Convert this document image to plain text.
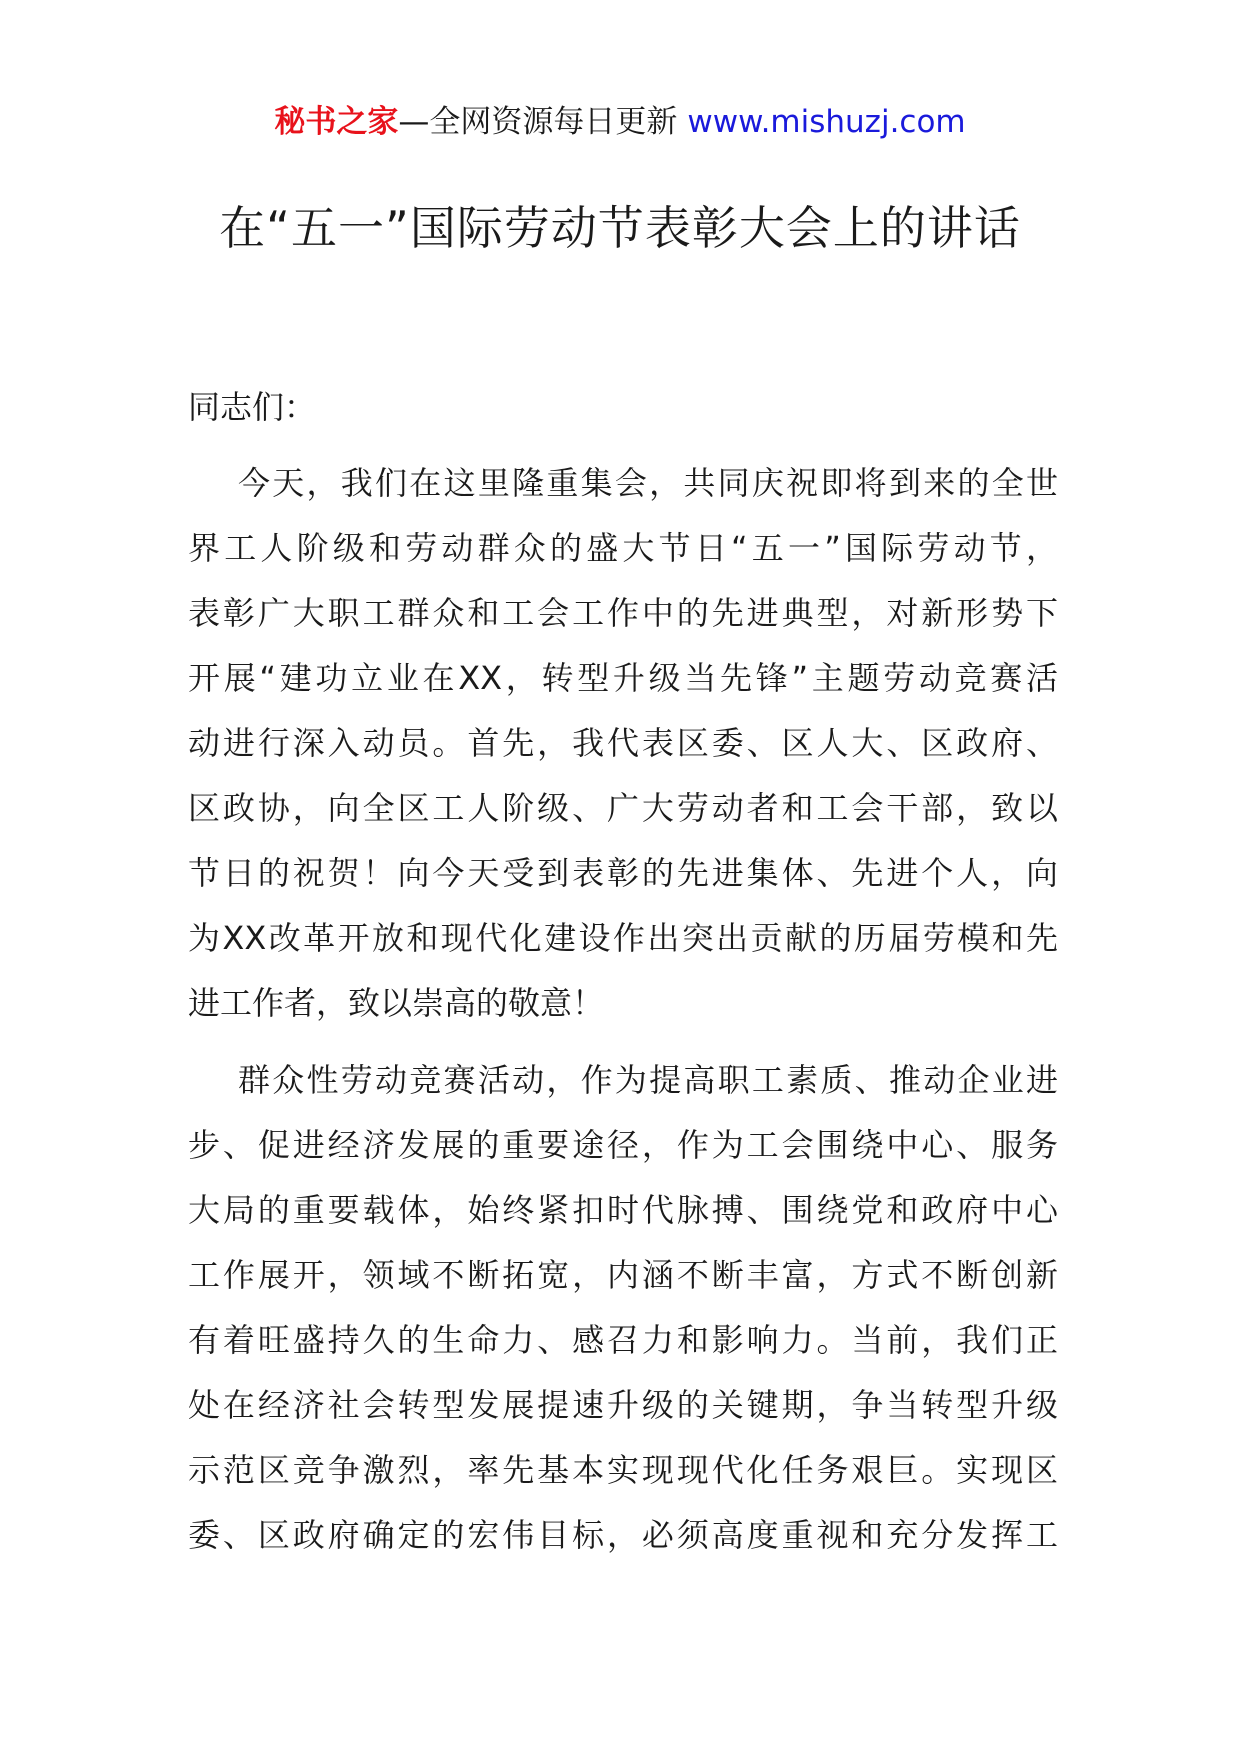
秘书之家—全网资源每日更新 www.mishuzj.com
在“五一”国际劳动节表彰大会上的讲话
同志们：
今天，我们在这里隆重集会，共同庆祝即将到来的全世
界工人阶级和劳动群众的盛大节日“五一”国际劳动节，
表彰广大职工群众和工会工作中的先进典型，对新形势下
开展“建功立业在XX，转型升级当先锋”主题劳动竞赛活
动进行深入动员。首先，我代表区委、区人大、区政府、
区政协，向全区工人阶级、广大劳动者和工会干部，致以
节日的祝贺！向今天受到表彰的先进集体、先进个人，向
为XX改革开放和现代化建设作出突出贡献的历届劳模和先
进工作者，致以崇高的敬意！
群众性劳动竞赛活动，作为提高职工素质、推动企业进
步、促进经济发展的重要途径，作为工会围绕中心、服务
大局的重要载体，始终紧扣时代脉搏、围绕党和政府中心
工作展开，领域不断拓宽，内涵不断丰富，方式不断创新
有着旺盛持久的生命力、感召力和影响力。当前，我们正
处在经济社会转型发展提速升级的关键期，争当转型升级
示范区竞争激烈，率先基本实现现代化任务艰巨。实现区
委、区政府确定的宏伟目标，必须高度重视和充分发挥工
